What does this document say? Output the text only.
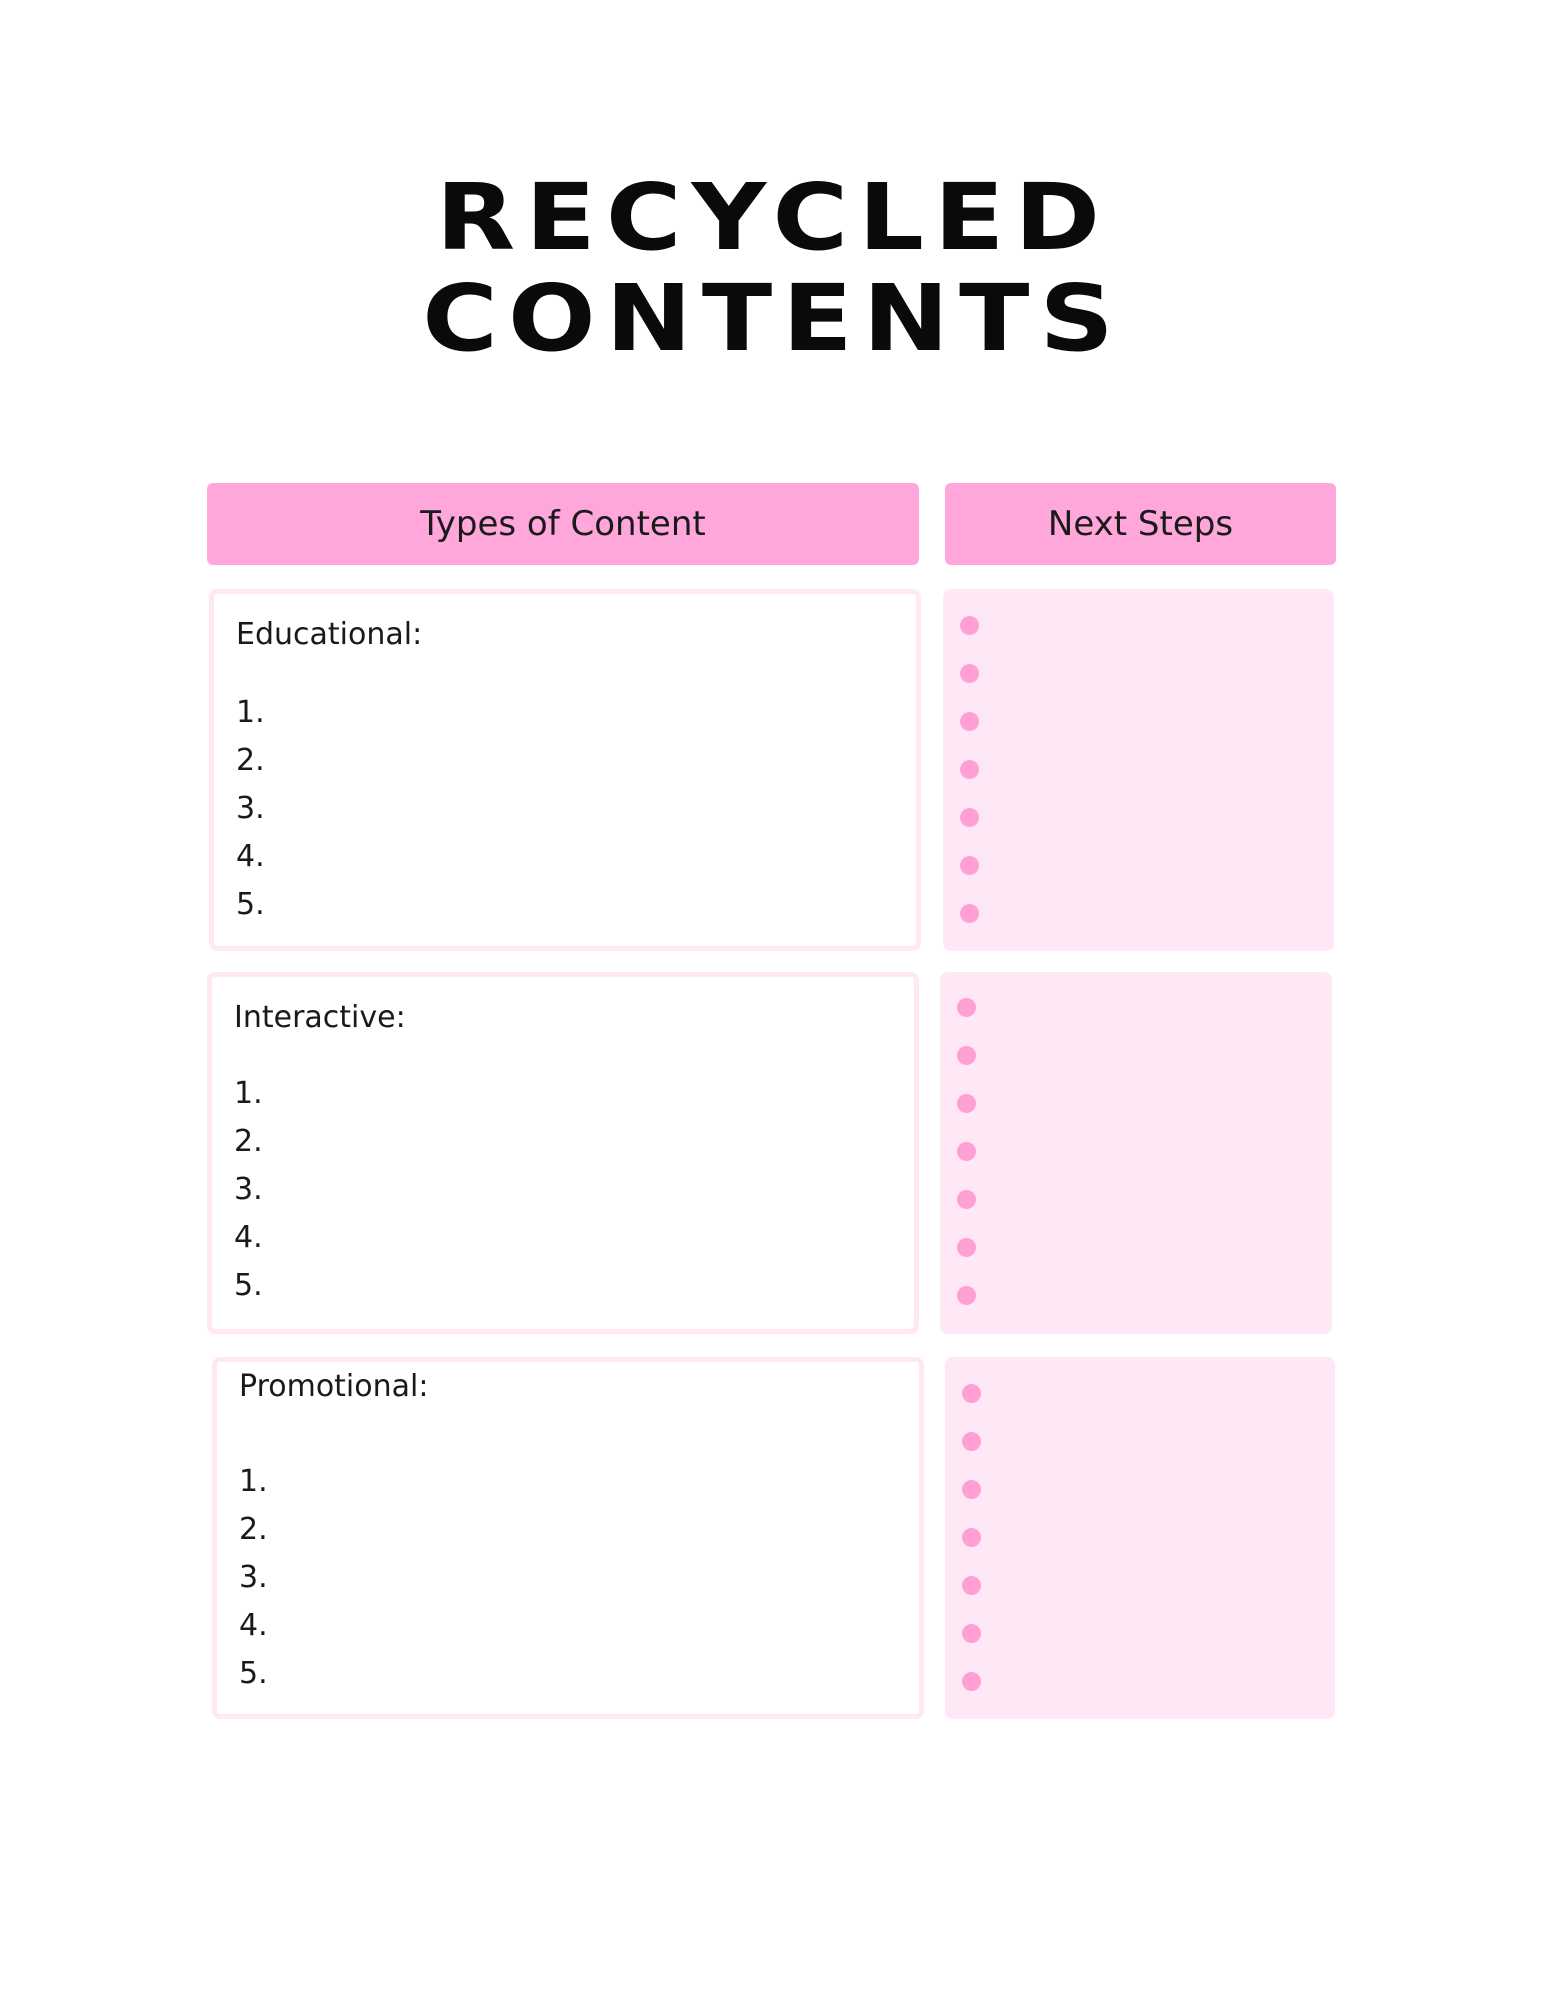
RECYCLED
CONTENTS
Types of Content	Next Steps
Educational:
1.
2.
3.
4.
5.
Interactive:
1.
2.
3.
4.
5.
Promotional:
1.
2.
3.
4.
5.
